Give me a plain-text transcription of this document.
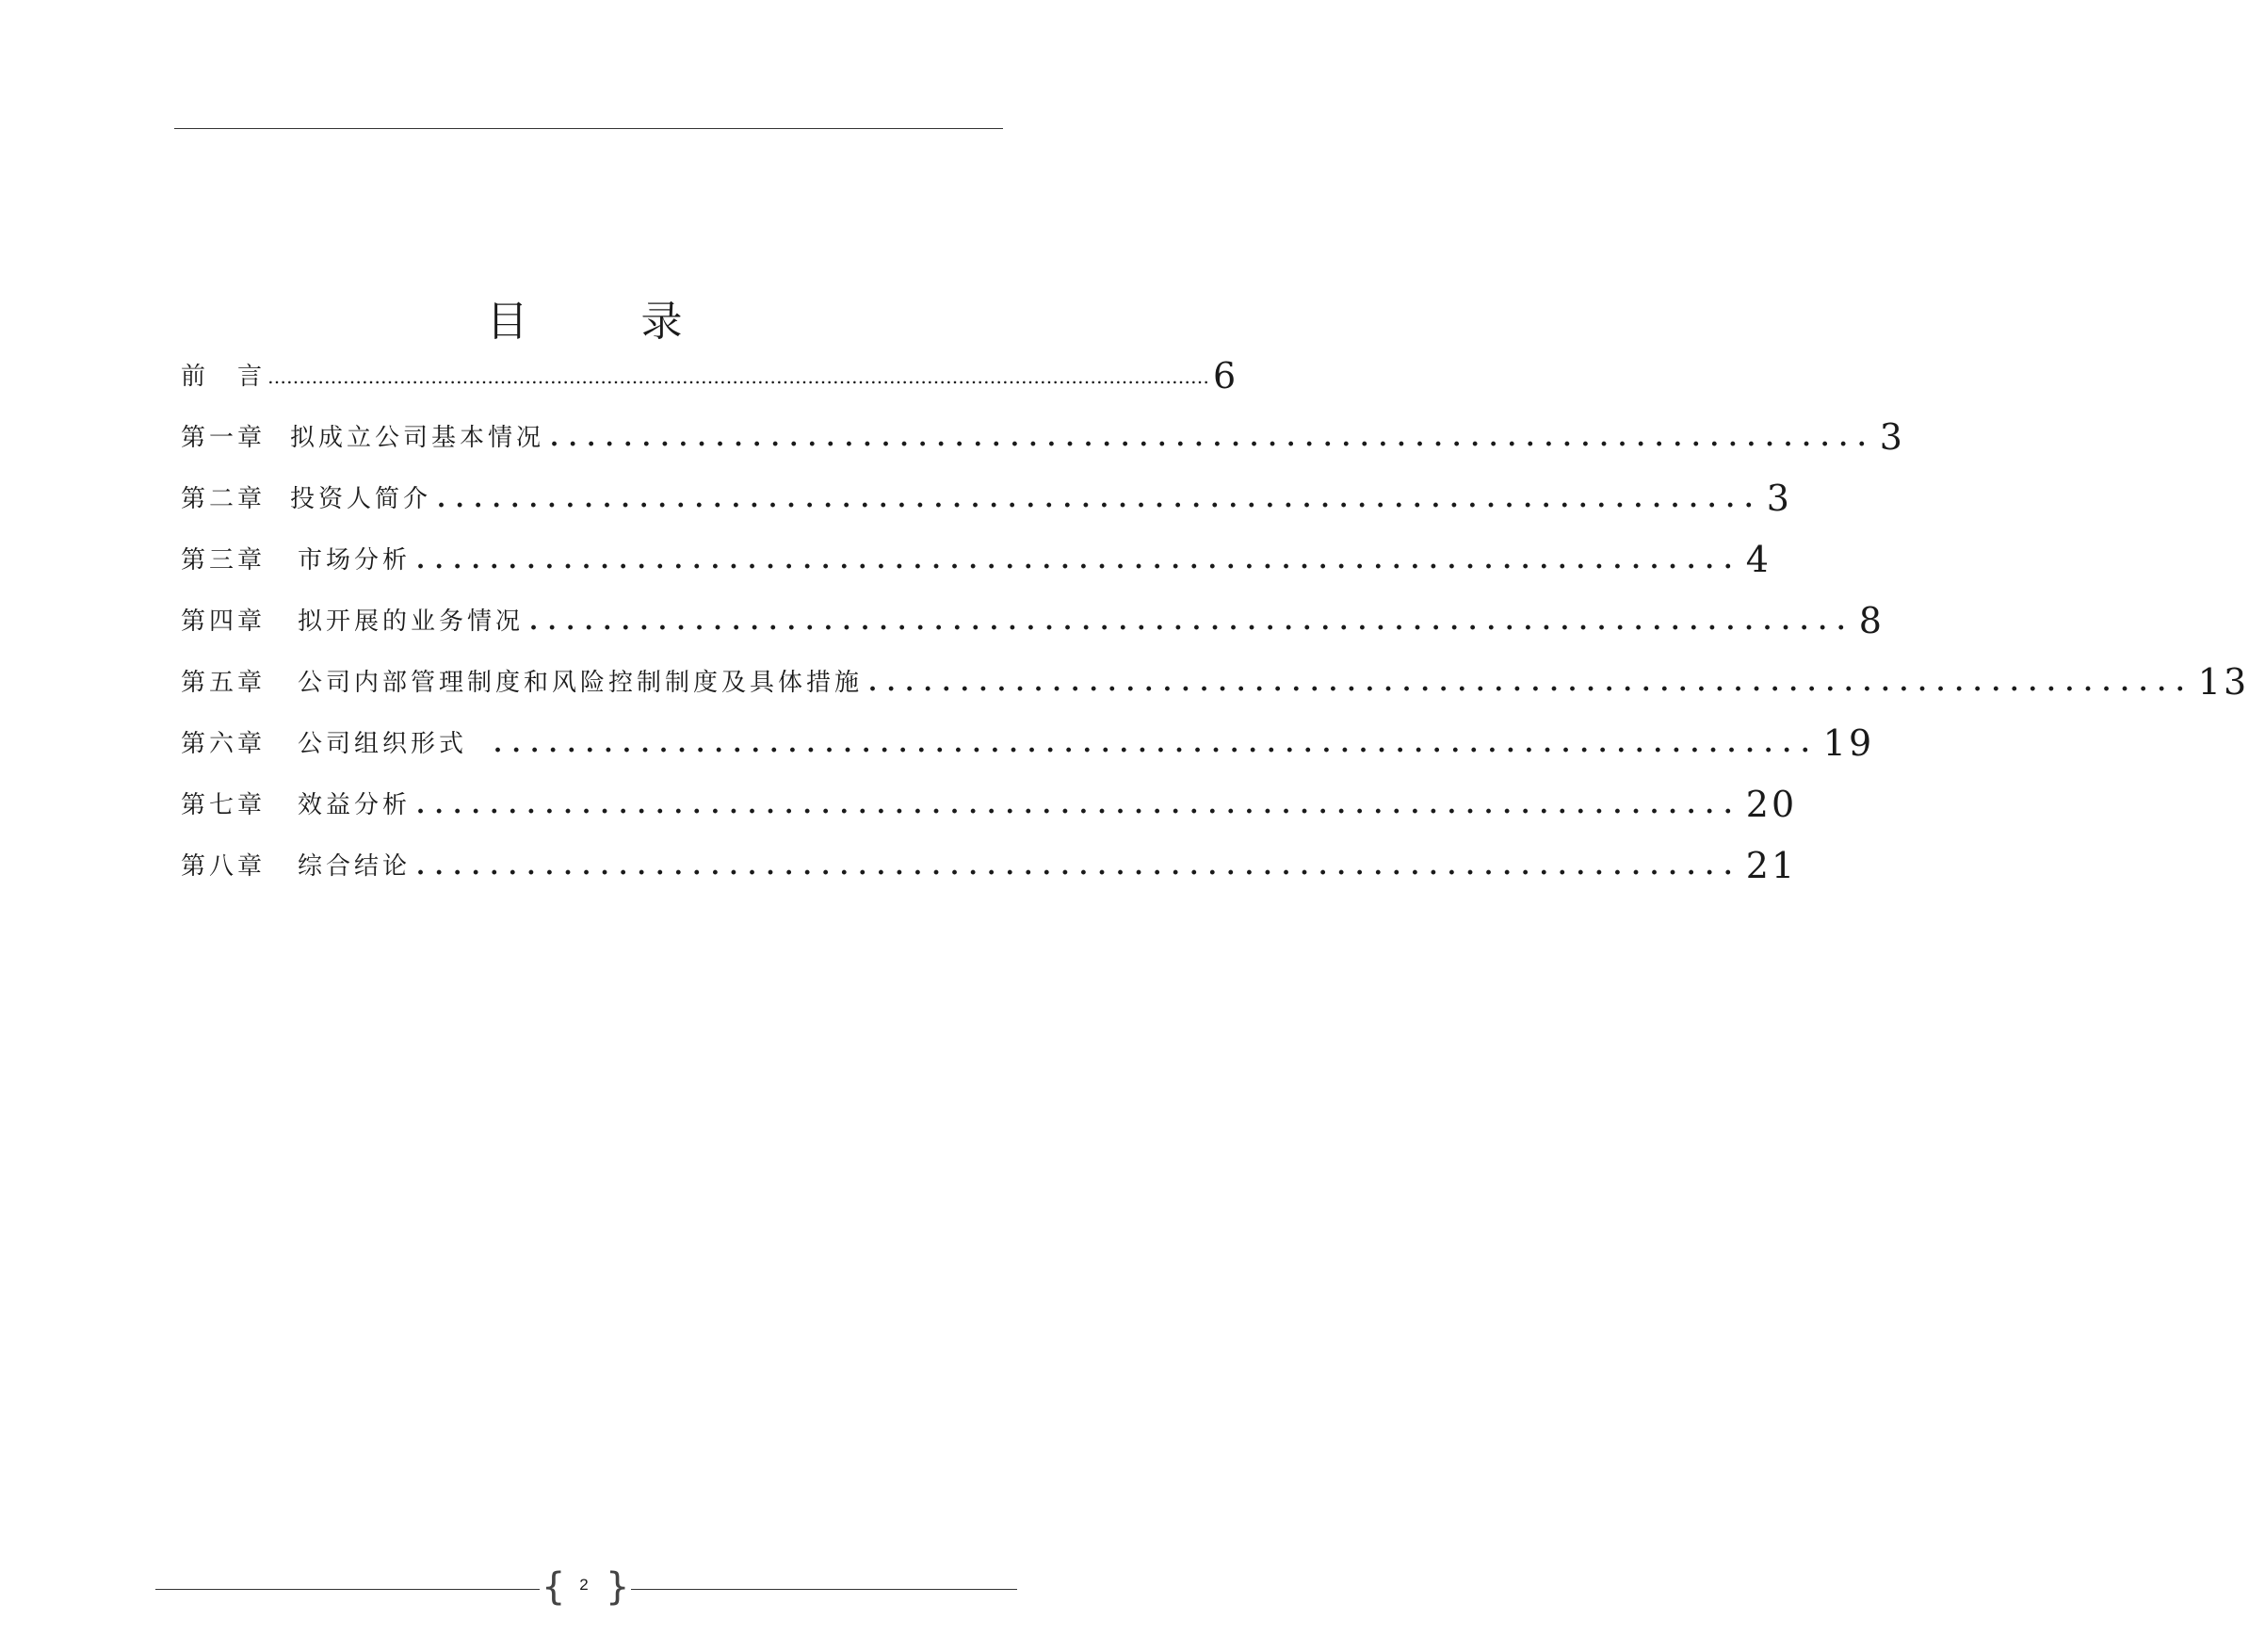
目	录
前 言 …………………………………………………………………………………………………………………………………… 6
第一章 拟成立公司基本情况 ........................................................................ 3
第二章 投资人简介 ........................................................................ 3
第三章 市场分析 ........................................................................ 4
第四章 拟开展的业务情况 ........................................................................ 8
第五章 公司内部管理制度和风险控制制度及具体措施 ........................................................................ 13
第六章 公司组织形式	........................................................................ 19
第七章 效益分析 ........................................................................ 20
第八章 综合结论 ........................................................................ 21
{ 2 }
